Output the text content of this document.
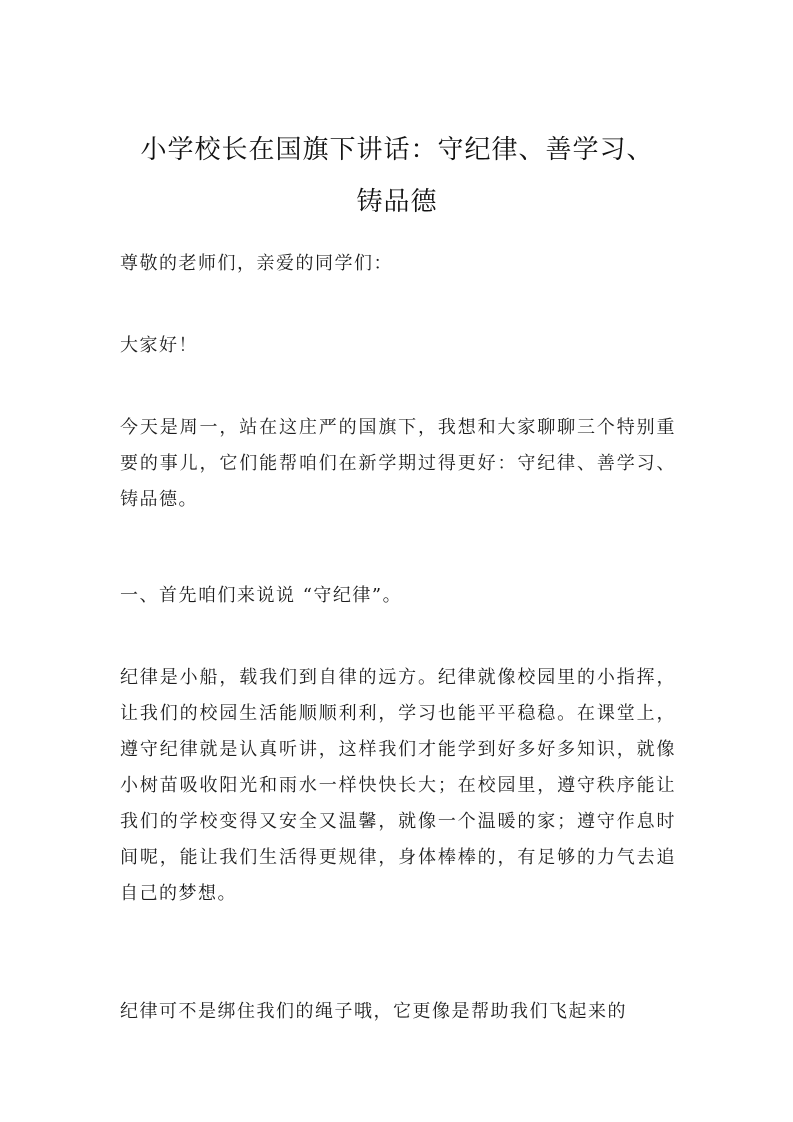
小学校长在国旗下讲话：守纪律、善学习、
铸品德

尊敬的老师们，亲爱的同学们：

大家好！

今天是周一，站在这庄严的国旗下，我想和大家聊聊三个特别重要的事儿，它们能帮咱们在新学期过得更好：守纪律、善学习、铸品德。

一、首先咱们来说说 “守纪律”。

纪律是小船，载我们到自律的远方。纪律就像校园里的小指挥，让我们的校园生活能顺顺利利，学习也能平平稳稳。在课堂上，遵守纪律就是认真听讲，这样我们才能学到好多好多知识，就像小树苗吸收阳光和雨水一样快快长大；在校园里，遵守秩序能让我们的学校变得又安全又温馨，就像一个温暖的家；遵守作息时间呢，能让我们生活得更规律，身体棒棒的，有足够的力气去追自己的梦想。

纪律可不是绑住我们的绳子哦，它更像是帮助我们飞起来的
